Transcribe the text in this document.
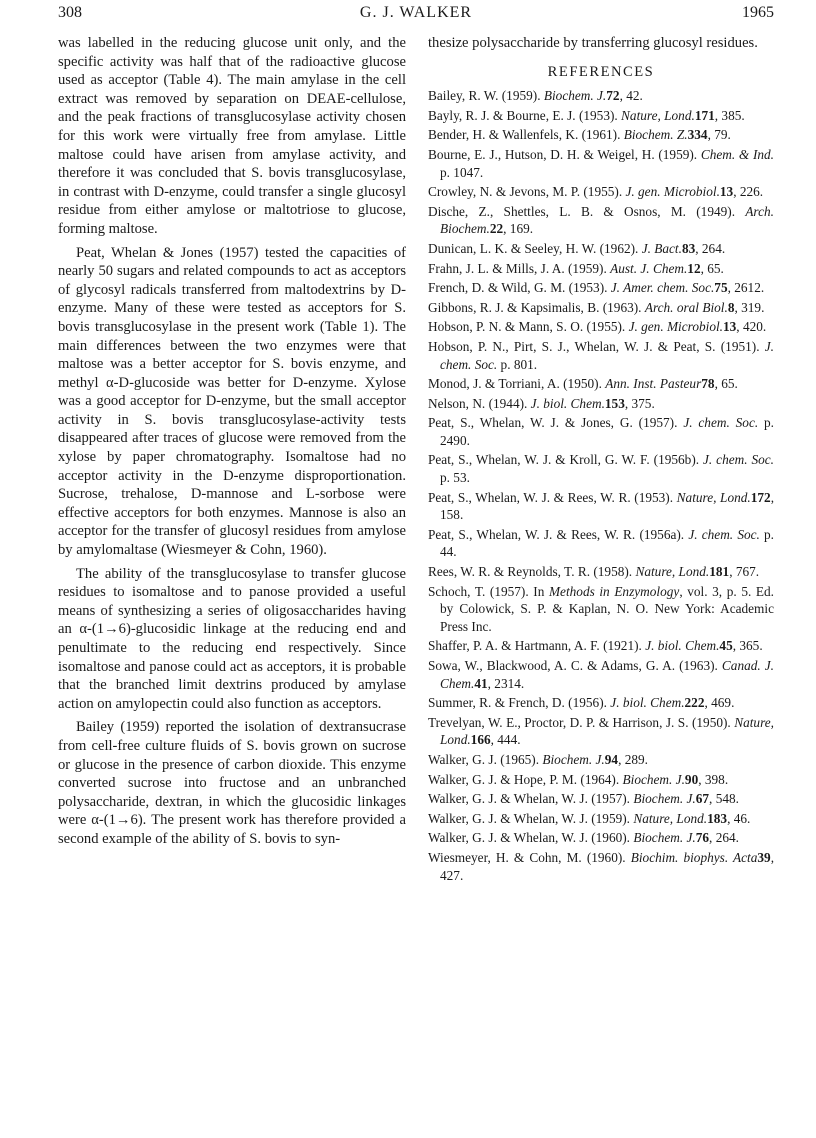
308	G. J. WALKER	1965

was labelled in the reducing glucose unit only, and the specific activity was half that of the radioactive glucose used as acceptor (Table 4). The main amylase in the cell extract was removed by separation on DEAE-cellulose, and the peak fractions of transglucosylase activity chosen for this work were virtually free from amylase. Little maltose could have arisen from amylase activity, and therefore it was concluded that S. bovis transglucosylase, in contrast with D-enzyme, could transfer a single glucosyl residue from either amylose or maltotriose to glucose, forming maltose.

Peat, Whelan & Jones (1957) tested the capacities of nearly 50 sugars and related compounds to act as acceptors of glycosyl radicals transferred from maltodextrins by D-enzyme. Many of these were tested as acceptors for S. bovis transglucosylase in the present work (Table 1). The main differences between the two enzymes were that maltose was a better acceptor for S. bovis enzyme, and methyl α-D-glucoside was better for D-enzyme. Xylose was a good acceptor for D-enzyme, but the small acceptor activity in S. bovis transglucosylase-activity tests disappeared after traces of glucose were removed from the xylose by paper chromatography. Isomaltose had no acceptor activity in the D-enzyme disproportionation. Sucrose, trehalose, D-mannose and L-sorbose were effective acceptors for both enzymes. Mannose is also an acceptor for the transfer of glucosyl residues from amylose by amylomaltase (Wiesmeyer & Cohn, 1960).

The ability of the transglucosylase to transfer glucose residues to isomaltose and to panose provided a useful means of synthesizing a series of oligosaccharides having an α-(1→6)-glucosidic linkage at the reducing end and penultimate to the reducing end respectively. Since isomaltose and panose could act as acceptors, it is probable that the branched limit dextrins produced by amylase action on amylopectin could also function as acceptors.

Bailey (1959) reported the isolation of dextransucrase from cell-free culture fluids of S. bovis grown on sucrose or glucose in the presence of carbon dioxide. This enzyme converted sucrose into fructose and an unbranched polysaccharide, dextran, in which the glucosidic linkages were α-(1→6). The present work has therefore provided a second example of the ability of S. bovis to syn-

thesize polysaccharide by transferring glucosyl residues.

REFERENCES
Bailey, R. W. (1959). Biochem. J.72, 42.
Bayly, R. J. & Bourne, E. J. (1953). Nature, Lond.171, 385.
Bender, H. & Wallenfels, K. (1961). Biochem. Z.334, 79.
Bourne, E. J., Hutson, D. H. & Weigel, H. (1959). Chem. & Ind. p. 1047.
Crowley, N. & Jevons, M. P. (1955). J. gen. Microbiol.13, 226.
Dische, Z., Shettles, L. B. & Osnos, M. (1949). Arch. Biochem.22, 169.
Dunican, L. K. & Seeley, H. W. (1962). J. Bact.83, 264.
Frahn, J. L. & Mills, J. A. (1959). Aust. J. Chem.12, 65.
French, D. & Wild, G. M. (1953). J. Amer. chem. Soc.75, 2612.
Gibbons, R. J. & Kapsimalis, B. (1963). Arch. oral Biol.8, 319.
Hobson, P. N. & Mann, S. O. (1955). J. gen. Microbiol.13, 420.
Hobson, P. N., Pirt, S. J., Whelan, W. J. & Peat, S. (1951). J. chem. Soc. p. 801.
Monod, J. & Torriani, A. (1950). Ann. Inst. Pasteur78, 65.
Nelson, N. (1944). J. biol. Chem.153, 375.
Peat, S., Whelan, W. J. & Jones, G. (1957). J. chem. Soc. p. 2490.
Peat, S., Whelan, W. J. & Kroll, G. W. F. (1956b). J. chem. Soc. p. 53.
Peat, S., Whelan, W. J. & Rees, W. R. (1953). Nature, Lond.172, 158.
Peat, S., Whelan, W. J. & Rees, W. R. (1956a). J. chem. Soc. p. 44.
Rees, W. R. & Reynolds, T. R. (1958). Nature, Lond.181, 767.
Schoch, T. (1957). In Methods in Enzymology, vol. 3, p. 5. Ed. by Colowick, S. P. & Kaplan, N. O. New York: Academic Press Inc.
Shaffer, P. A. & Hartmann, A. F. (1921). J. biol. Chem.45, 365.
Sowa, W., Blackwood, A. C. & Adams, G. A. (1963). Canad. J. Chem.41, 2314.
Summer, R. & French, D. (1956). J. biol. Chem.222, 469.
Trevelyan, W. E., Proctor, D. P. & Harrison, J. S. (1950). Nature, Lond.166, 444.
Walker, G. J. (1965). Biochem. J.94, 289.
Walker, G. J. & Hope, P. M. (1964). Biochem. J.90, 398.
Walker, G. J. & Whelan, W. J. (1957). Biochem. J.67, 548.
Walker, G. J. & Whelan, W. J. (1959). Nature, Lond.183, 46.
Walker, G. J. & Whelan, W. J. (1960). Biochem. J.76, 264.
Wiesmeyer, H. & Cohn, M. (1960). Biochim. biophys. Acta39, 427.
